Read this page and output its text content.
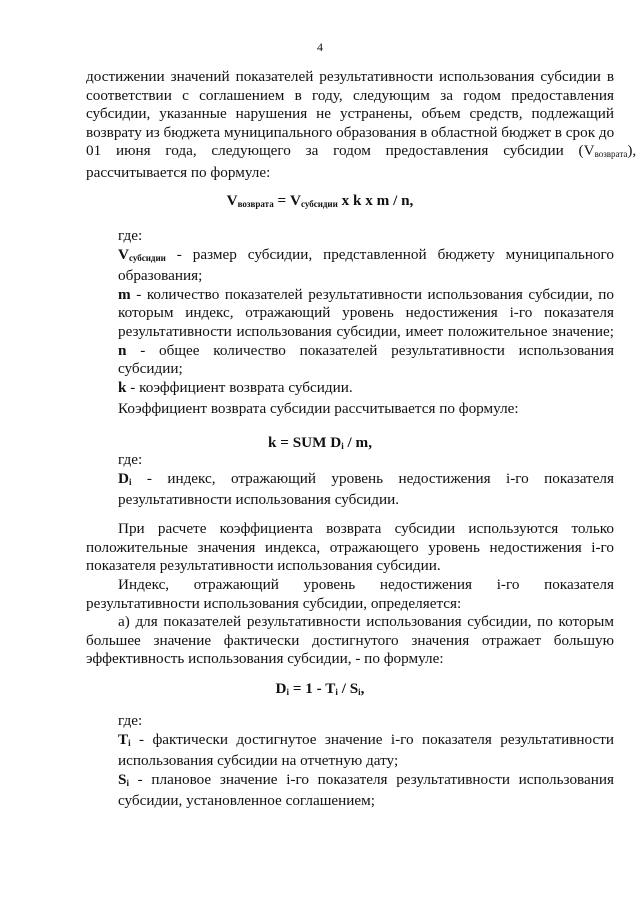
4
достижении значений показателей результативности использования субсидии в
соответствии с соглашением в году, следующим за годом предоставления
субсидии, указанные нарушения не устранены, объем средств, подлежащий
возврату из бюджета муниципального образования в областной бюджет в срок до
01 июня года, следующего за годом предоставления субсидии $(V_{возврата})$,
рассчитывается по формуле:
$V_{возврата} = V_{субсидии}$ x k x m / n,
где:
$V_{субсидии}$ - размер субсидии, представленной бюджету муниципального
образования;
m - количество показателей результативности использования субсидии, по
которым индекс, отражающий уровень недостижения i-го показателя
результативности использования субсидии, имеет положительное значение;
n - общее количество показателей результативности использования
субсидии;
k - коэффициент возврата субсидии.
Коэффициент возврата субсидии рассчитывается по формуле:
k = SUM $D_i$ / m,
где:
$D_i$ - индекс, отражающий уровень недостижения i-го показателя
результативности использования субсидии.
При расчете коэффициента возврата субсидии используются только
положительные значения индекса, отражающего уровень недостижения i-го
показателя результативности использования субсидии.
Индекс, отражающий уровень недостижения i-го показателя
результативности использования субсидии, определяется:
а) для показателей результативности использования субсидии, по которым
большее значение фактически достигнутого значения отражает большую
эффективность использования субсидии, - по формуле:
$D_i = 1 - T_i / S_i$,
где:
$T_i$ - фактически достигнутое значение i-го показателя результативности
использования субсидии на отчетную дату;
$S_i$ - плановое значение i-го показателя результативности использования
субсидии, установленное соглашением;
